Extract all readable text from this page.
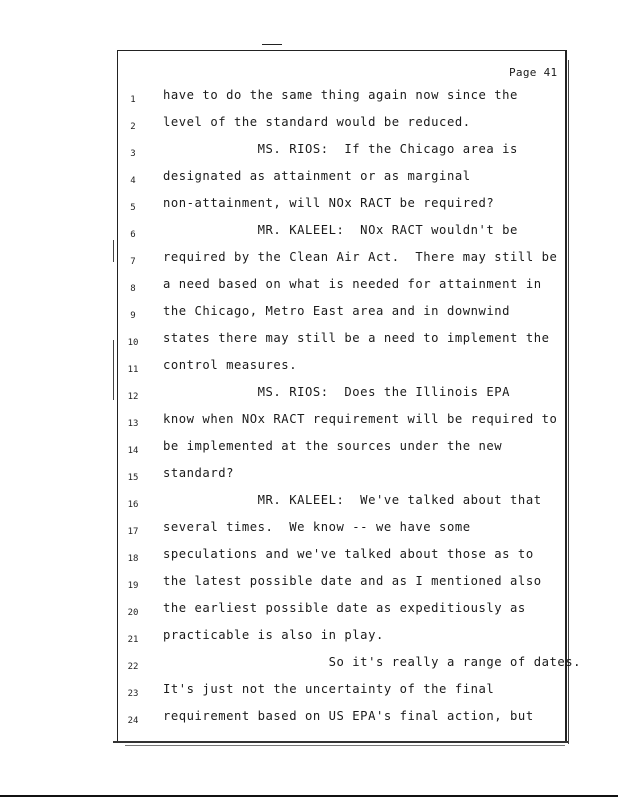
Page 41
1	have to do the same thing again now since the
2	level of the standard would be reduced.
3	MS. RIOS:  If the Chicago area is
4	designated as attainment or as marginal
5	non-attainment, will NOx RACT be required?
6	MR. KALEEL:  NOx RACT wouldn't be
7	required by the Clean Air Act.  There may still be
8	a need based on what is needed for attainment in
9	the Chicago, Metro East area and in downwind
10	states there may still be a need to implement the
11	control measures.
12	MS. RIOS:  Does the Illinois EPA
13	know when NOx RACT requirement will be required to
14	be implemented at the sources under the new
15	standard?
16	MR. KALEEL:  We've talked about that
17	several times.  We know -- we have some
18	speculations and we've talked about those as to
19	the latest possible date and as I mentioned also
20	the earliest possible date as expeditiously as
21	practicable is also in play.
22	So it's really a range of dates.
23	It's just not the uncertainty of the final
24	requirement based on US EPA's final action, but
